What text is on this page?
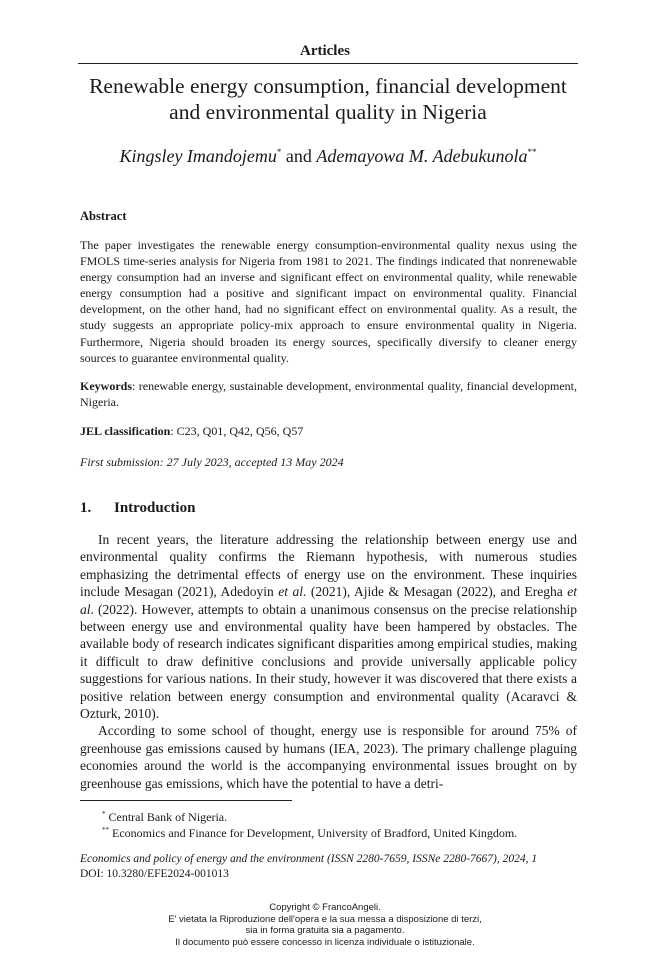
Articles
Renewable energy consumption, financial development
and environmental quality in Nigeria
Kingsley Imandojemu* and Ademayowa M. Adebukunola**
Abstract
The paper investigates the renewable energy consumption-environmental quality nexus using the FMOLS time-series analysis for Nigeria from 1981 to 2021. The findings indicated that nonrenewable energy consumption had an inverse and significant effect on environmental quality, while renewable energy consumption had a positive and significant impact on environmental quality. Financial development, on the other hand, had no significant effect on environmental quality. As a result, the study suggests an appropriate policy-mix approach to ensure environmental quality in Nigeria. Furthermore, Nigeria should broaden its energy sources, specifically diversify to cleaner energy sources to guarantee environmental quality.
Keywords: renewable energy, sustainable development, environmental quality, financial development, Nigeria.
JEL classification: C23, Q01, Q42, Q56, Q57
First submission: 27 July 2023, accepted 13 May 2024
1. Introduction

In recent years, the literature addressing the relationship between energy use and environmental quality confirms the Riemann hypothesis, with numerous studies emphasizing the detrimental effects of energy use on the environment. These inquiries include Mesagan (2021), Adedoyin et al. (2021), Ajide & Mesagan (2022), and Eregha et al. (2022). However, attempts to obtain a unanimous consensus on the precise relationship between energy use and environmental quality have been hampered by obstacles. The available body of research indicates significant disparities among empirical studies, making it difficult to draw definitive conclusions and provide universally applicable policy suggestions for various nations. In their study, however it was discovered that there exists a positive relation between energy consumption and environmental quality (Acaravci & Ozturk, 2010).

According to some school of thought, energy use is responsible for around 75% of greenhouse gas emissions caused by humans (IEA, 2023). The primary challenge plaguing economies around the world is the accompanying environmental issues brought on by greenhouse gas emissions, which have the potential to have a detri-

* Central Bank of Nigeria.
** Economics and Finance for Development, University of Bradford, United Kingdom.
Economics and policy of energy and the environment (ISSN 2280-7659, ISSNe 2280-7667), 2024, 1
DOI: 10.3280/EFE2024-001013
Copyright © FrancoAngeli.
E' vietata la Riproduzione dell'opera e la sua messa a disposizione di terzi,
sia in forma gratuita sia a pagamento.
Il documento può essere concesso in licenza individuale o istituzionale.
